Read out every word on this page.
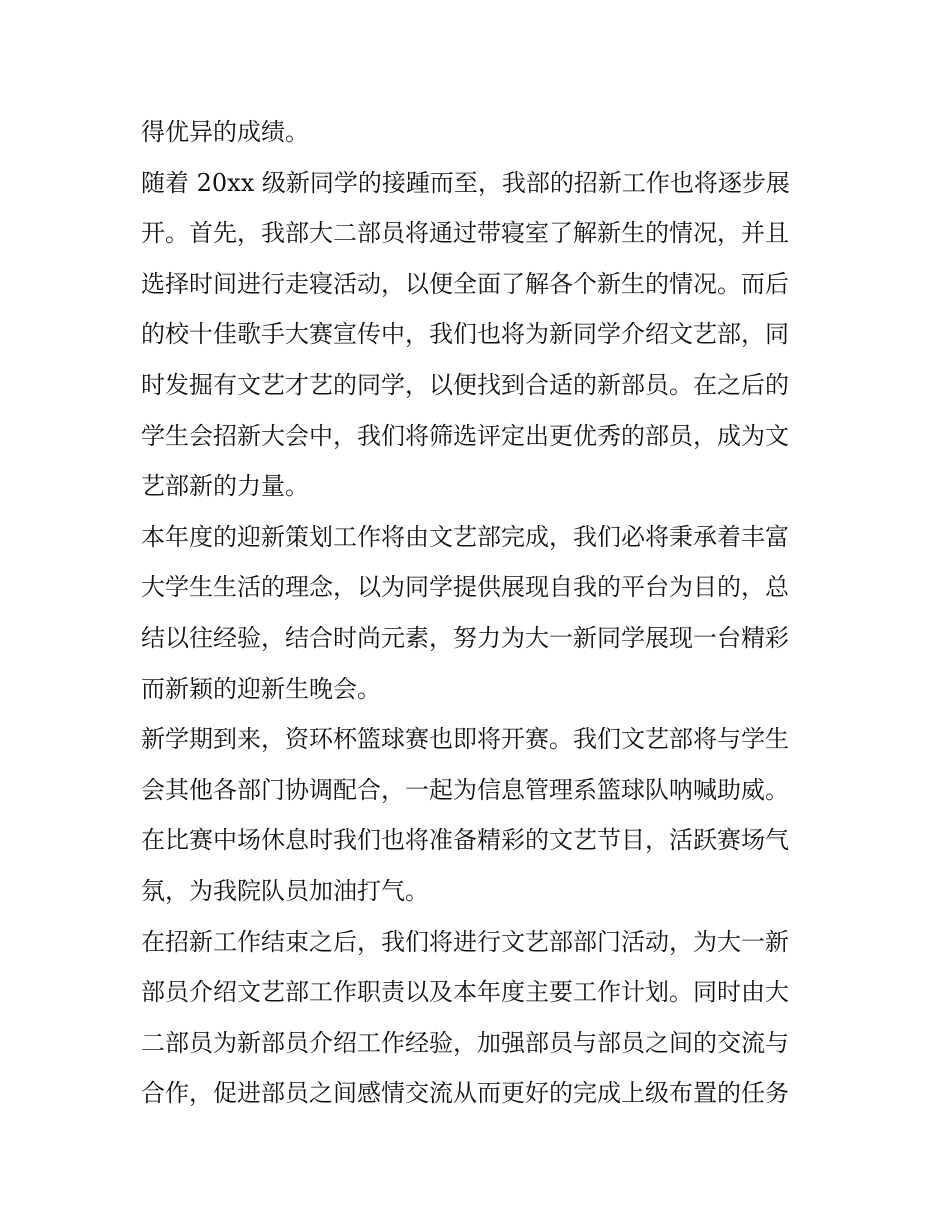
得优异的成绩。
随着 20xx 级新同学的接踵而至，我部的招新工作也将逐步展
开。首先，我部大二部员将通过带寝室了解新生的情况，并且
选择时间进行走寝活动，以便全面了解各个新生的情况。而后
的校十佳歌手大赛宣传中，我们也将为新同学介绍文艺部，同
时发掘有文艺才艺的同学，以便找到合适的新部员。在之后的
学生会招新大会中，我们将筛选评定出更优秀的部员，成为文
艺部新的力量。
本年度的迎新策划工作将由文艺部完成，我们必将秉承着丰富
大学生生活的理念，以为同学提供展现自我的平台为目的，总
结以往经验，结合时尚元素，努力为大一新同学展现一台精彩
而新颖的迎新生晚会。
新学期到来，资环杯篮球赛也即将开赛。我们文艺部将与学生
会其他各部门协调配合，一起为信息管理系篮球队呐喊助威。
在比赛中场休息时我们也将准备精彩的文艺节目，活跃赛场气
氛，为我院队员加油打气。
在招新工作结束之后，我们将进行文艺部部门活动，为大一新
部员介绍文艺部工作职责以及本年度主要工作计划。同时由大
二部员为新部员介绍工作经验，加强部员与部员之间的交流与
合作，促进部员之间感情交流从而更好的完成上级布置的任务
